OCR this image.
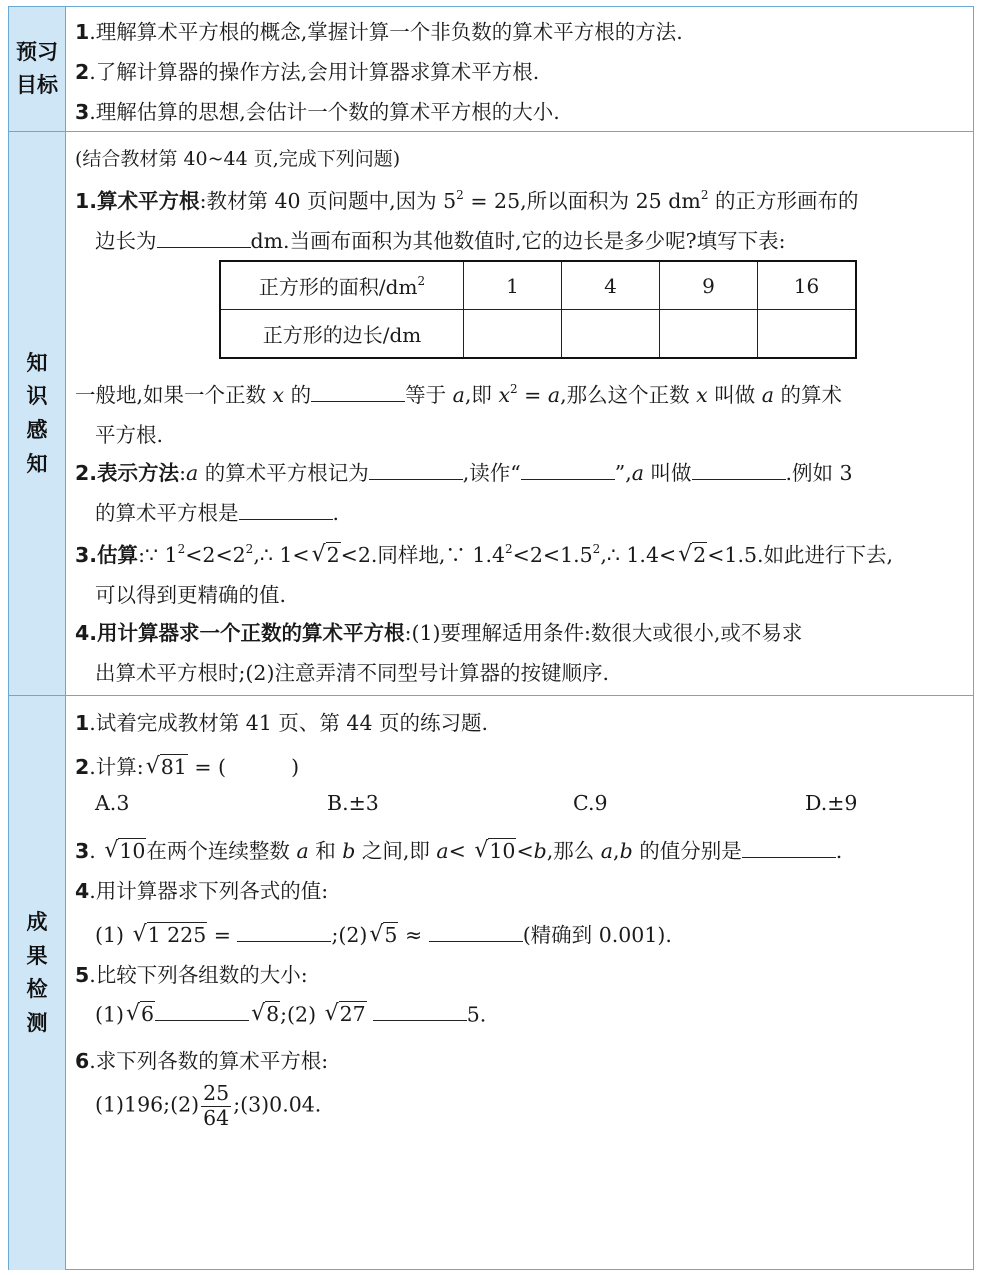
预习目标
1.理解算术平方根的概念,掌握计算一个非负数的算术平方根的方法.
2.了解计算器的操作方法,会用计算器求算术平方根.
3.理解估算的思想,会估计一个数的算术平方根的大小.
知识感知
(结合教材第 40~44 页,完成下列问题)
1.算术平方根:教材第 40 页问题中,因为 $5^2 = 25$,所以面积为 25 $dm^2$ 的正方形画布的
边长为	dm.当画布面积为其他数值时,它的边长是多少呢?填写下表:
正方形的面积$/dm^2$	1	4	9	16
正方形的边长/dm				
一般地,如果一个正数 x 的	等于 a,即 $x^2 = a$,那么这个正数 x 叫做 a 的算术
平方根.
2.表示方法:a 的算术平方根记为	,读作“	”,a 叫做	.例如 3
的算术平方根是	.
3.估算:∵ $1^2<2<2^2,\therefore$ 1< √ 2<2.同样地,∵ $1.4^2<2<1.5^2,\therefore$ 1.4< √ 2<1.5.如此进行下去,
可以得到更精确的值.
4.用计算器求一个正数的算术平方根:(1)要理解适用条件:数很大或很小,或不易求
出算术平方根时;(2)注意弄清不同型号计算器的按键顺序.
成果检测
1.试着完成教材第 41 页、第 44 页的练习题.
2.计算: √ 81 = (          )
A.3	B.±3	C.9	D.±9
3. √ 10在两个连续整数 a 和 b 之间,即 a< √ 10<b,那么 a,b 的值分别是	.
4.用计算器求下列各式的值:
(1) √ 1 225 =	;(2) √ 5 ≈	(精确到 0.001).
5.比较下列各组数的大小:
(1) √ 6	√ 8;(2) √ 27	5.
6.求下列各数的算术平方根:
(1)196;(2) $\frac{25}{64}$ ;(3)0.04.
